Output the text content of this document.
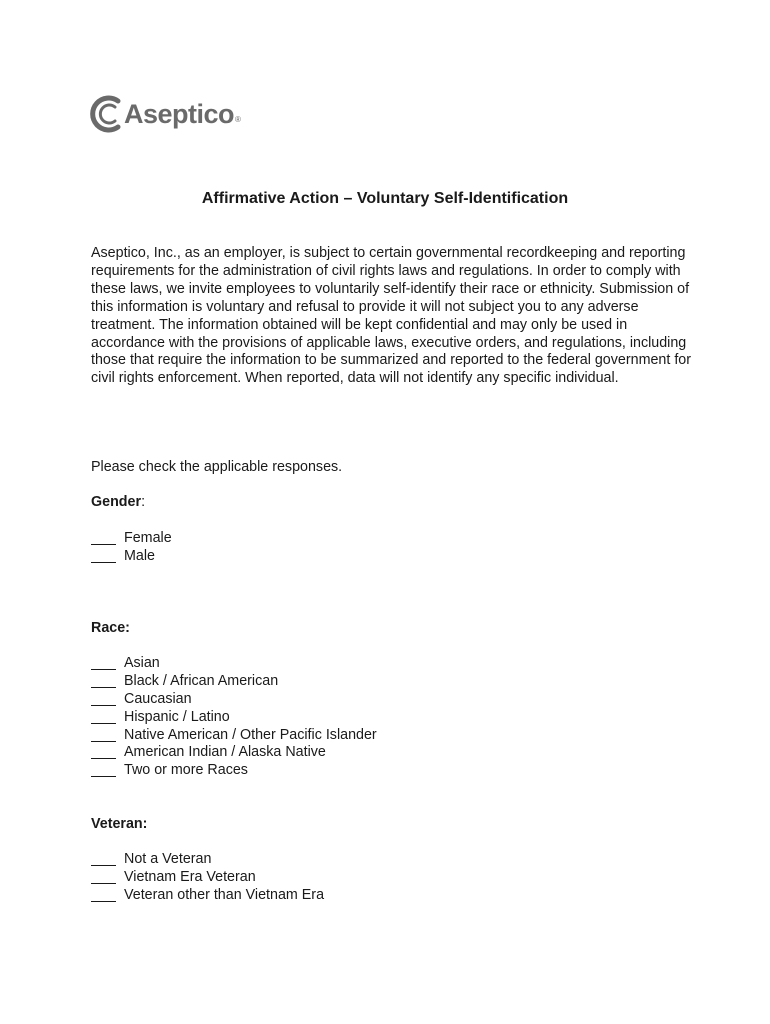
Aseptico ®
Affirmative Action – Voluntary Self-Identification

Aseptico, Inc., as an employer, is subject to certain governmental recordkeeping and reporting requirements for the administration of civil rights laws and regulations. In order to comply with these laws, we invite employees to voluntarily self-identify their race or ethnicity. Submission of this information is voluntary and refusal to provide it will not subject you to any adverse treatment. The information obtained will be kept confidential and may only be used in accordance with the provisions of applicable laws, executive orders, and regulations, including those that require the information to be summarized and reported to the federal government for civil rights enforcement. When reported, data will not identify any specific individual.

Please check the applicable responses.

Gender:

Female
Male

Race:

Asian
Black / African American
Caucasian
Hispanic / Latino
Native American / Other Pacific Islander
American Indian / Alaska Native
Two or more Races

Veteran:

Not a Veteran
Vietnam Era Veteran
Veteran other than Vietnam Era
